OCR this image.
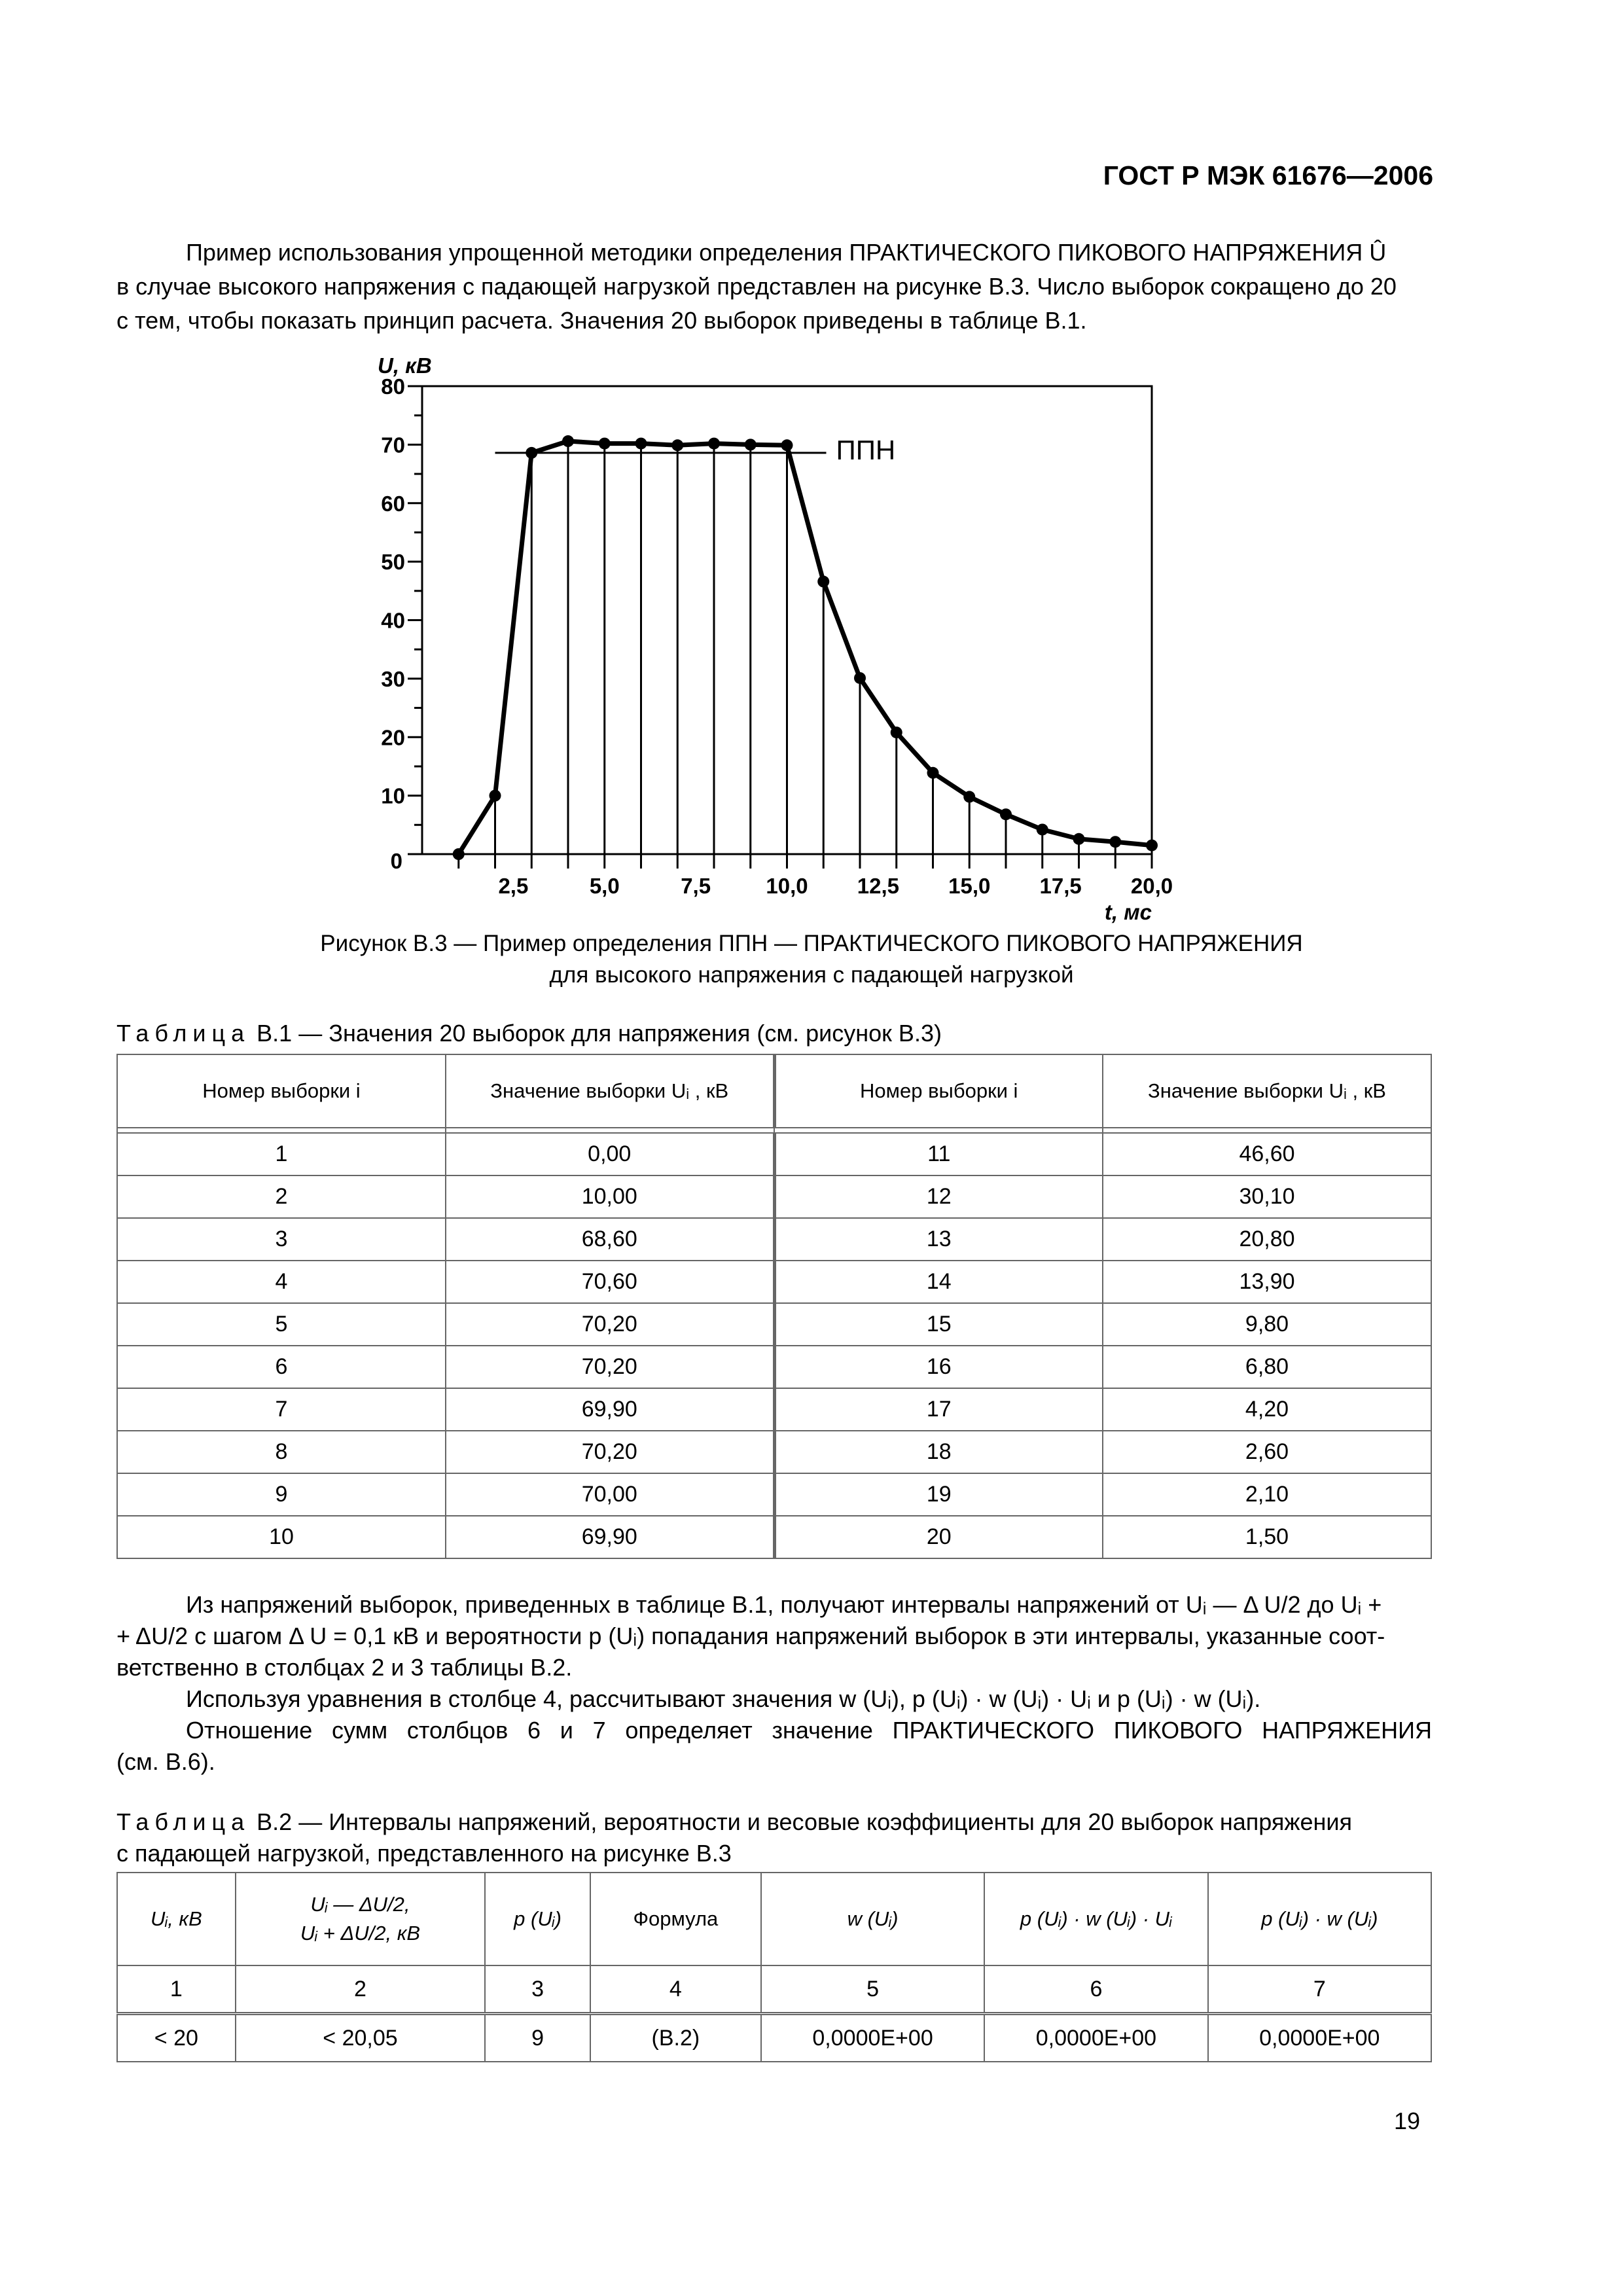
ГОСТ Р МЭК 61676—2006

Пример использования упрощенной методики определения ПРАКТИЧЕСКОГО ПИКОВОГО НАПРЯЖЕНИЯ Û

в случае высокого напряжения с падающей нагрузкой представлен на рисунке B.3. Число выборок сокращено до 20

с тем, чтобы показать принцип расчета. Значения 20 выборок приведены в таблице B.1.

0
10
20
30
40
50
60
70
80
2,5	5,0	7,5	10,0 12,5 15,0 17,5 20,0
U, кВ
t, мс
ППН
Рисунок B.3 — Пример определения ППН — ПРАКТИЧЕСКОГО ПИКОВОГО НАПРЯЖЕНИЯ
для высокого напряжения с падающей нагрузкой
Таблица B.1 — Значения 20 выборок для напряжения (см. рисунок B.3)
Номер выборки i	Значение выборки Uᵢ , кВ	Номер выборки i	Значение выборки Uᵢ , кВ

1	0,00	11	46,60
2	10,00	12	30,10
3	68,60	13	20,80
4	70,60	14	13,90
5	70,20	15	9,80
6	70,20	16	6,80
7	69,90	17	4,20
8	70,20	18	2,60
9	70,00	19	2,10
10	69,90	20	1,50

Из напряжений выборок, приведенных в таблице B.1, получают интервалы напряжений от Uᵢ — Δ U/2 до Uᵢ +

+ ΔU/2 с шагом Δ U = 0,1 кВ и вероятности p (Uᵢ) попадания напряжений выборок в эти интервалы, указанные соот-

ветственно в столбцах 2 и 3 таблицы B.2.

Используя уравнения в столбце 4, рассчитывают значения w (Uᵢ), p (Uᵢ) · w (Uᵢ) · Uᵢ и p (Uᵢ) · w (Uᵢ).

Отношение сумм столбцов 6 и 7 определяет значение ПРАКТИЧЕСКОГО ПИКОВОГО НАПРЯЖЕНИЯ

(см. B.6).

Таблица B.2 — Интервалы напряжений, вероятности и весовые коэффициенты для 20 выборок напряжения
с падающей нагрузкой, представленного на рисунке B.3
Uᵢ, кВ	Uᵢ — ΔU/2,
Uᵢ + ΔU/2, кВ	p (Uᵢ)	Формула	w (Uᵢ)	p (Uᵢ) · w (Uᵢ) · Uᵢ	p (Uᵢ) · w (Uᵢ)
1	2	3	4	5	6	7
< 20	< 20,05	9	(B.2)	0,0000E+00	0,0000E+00	0,0000E+00
19
